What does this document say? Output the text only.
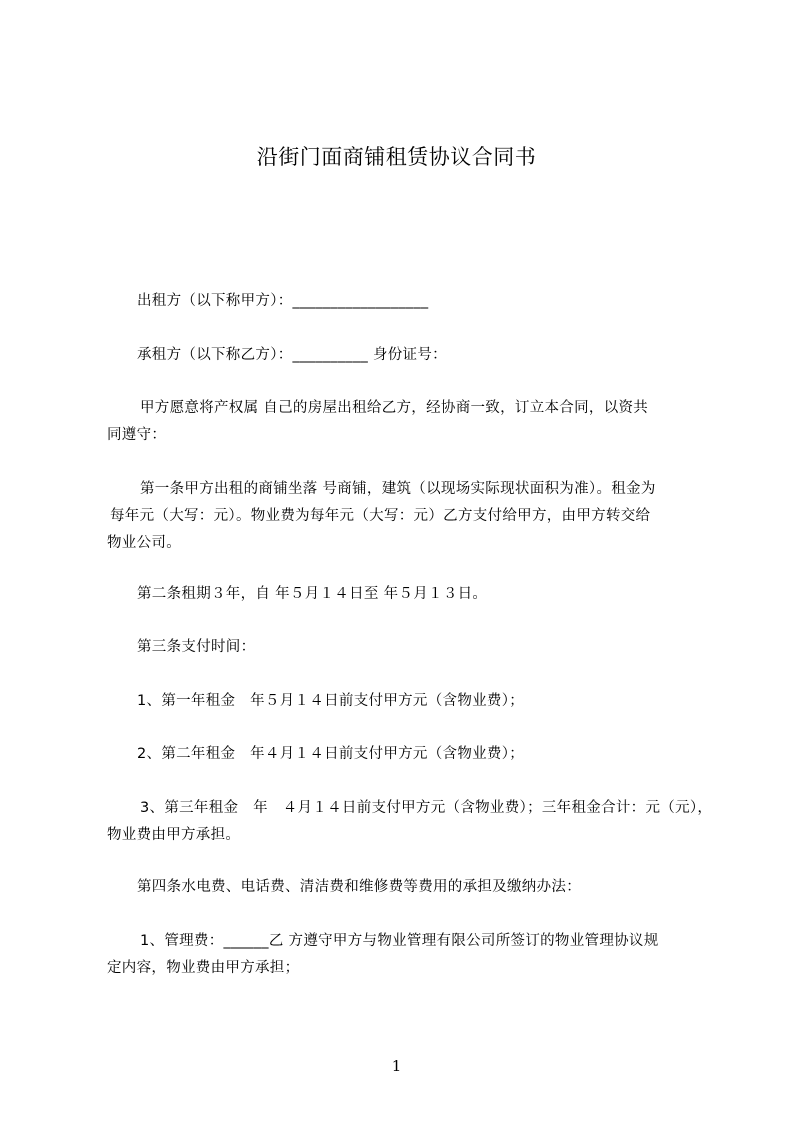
沿街门面商铺租赁协议合同书
出租方（以下称甲方）：__________________
承租方（以下称乙方）：__________ 身份证号：
甲方愿意将产权属 自己的房屋出租给乙方，经协商一致，订立本合同，以资共
同遵守：
第一条甲方出租的商铺坐落 号商铺，建筑（以现场实际现状面积为准）。租金为
每年元（大写：元）。物业费为每年元（大写：元）乙方支付给甲方，由甲方转交给
物业公司。
第二条租期３年，自 年５月１４日至 年５月１３日。
第三条支付时间：
1、第一年租金　年５月１４日前支付甲方元（含物业费）；
2、第二年租金　年４月１４日前支付甲方元（含物业费）；
3、第三年租金　年　４月１４日前支付甲方元（含物业费）；三年租金合计：元（元），
物业费由甲方承担。
第四条水电费、电话费、清洁费和维修费等费用的承担及缴纳办法：
1、管理费：______乙 方遵守甲方与物业管理有限公司所签订的物业管理协议规
定内容，物业费由甲方承担；
1
